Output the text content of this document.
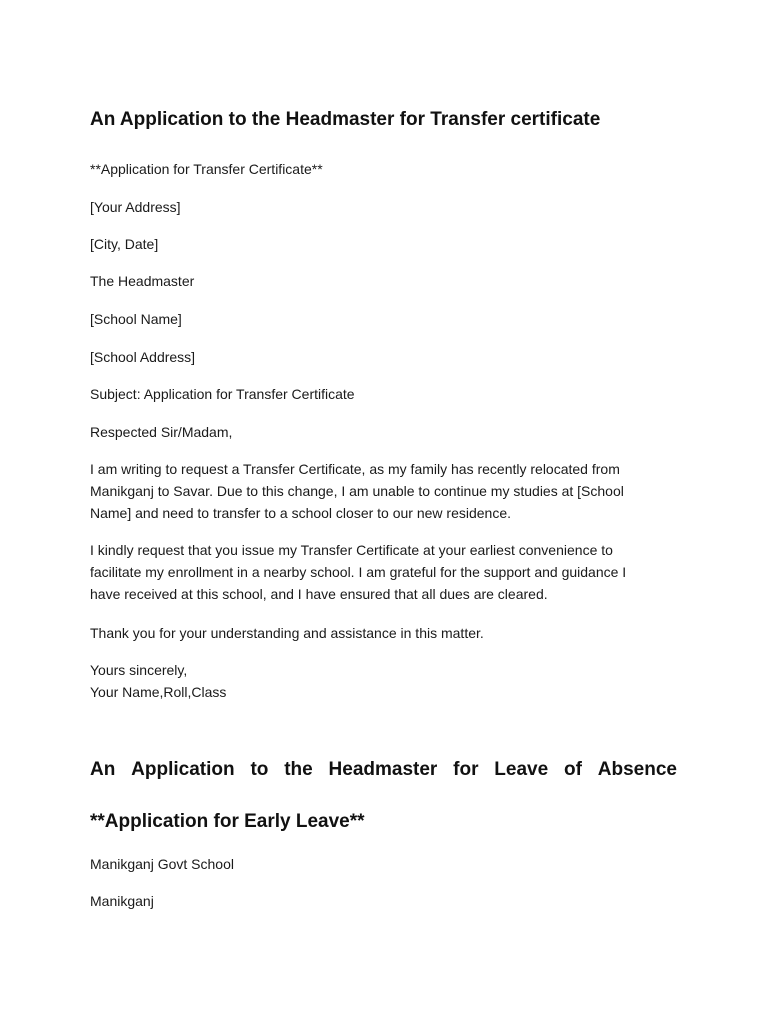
An Application to the Headmaster for Transfer certificate

**Application for Transfer Certificate**

[Your Address]

[City, Date]

The Headmaster

[School Name]

[School Address]

Subject: Application for Transfer Certificate

Respected Sir/Madam,

I am writing to request a Transfer Certificate, as my family has recently relocated from
Manikganj to Savar. Due to this change, I am unable to continue my studies at [School
Name] and need to transfer to a school closer to our new residence.
I kindly request that you issue my Transfer Certificate at your earliest convenience to
facilitate my enrollment in a nearby school. I am grateful for the support and guidance I
have received at this school, and I have ensured that all dues are cleared.

Thank you for your understanding and assistance in this matter.

Yours sincerely,

Your Name,Roll,Class

An Application to the Headmaster for Leave of Absence
**Application for Early Leave**

Manikganj Govt School

Manikganj
